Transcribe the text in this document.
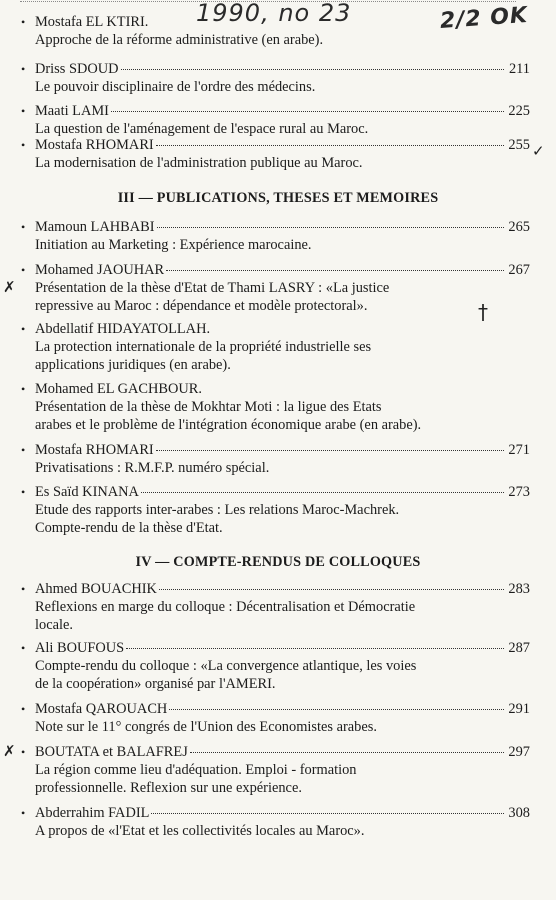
1990, no 23	2/2 OK
• Mostafa EL KTIRI.
Approche de la réforme administrative (en arabe).
• Driss SDOUD	211
Le pouvoir disciplinaire de l'ordre des médecins.
• Maati LAMI	225
La question de l'aménagement de l'espace rural au Maroc.
• Mostafa RHOMARI	255
La modernisation de l'administration publique au Maroc.
✓
III — PUBLICATIONS, THESES ET MEMOIRES
• Mamoun LAHBABI	265
Initiation au Marketing : Expérience marocaine.
• Mohamed JAOUHAR	267
Présentation de la thèse d'Etat de Thami LASRY : «La justice
repressive au Maroc : dépendance et modèle protectoral».
✗
†
• Abdellatif HIDAYATOLLAH.
La protection internationale de la propriété industrielle ses
applications juridiques (en arabe).
• Mohamed EL GACHBOUR.
Présentation de la thèse de Mokhtar Moti : la ligue des Etats
arabes et le problème de l'intégration économique arabe (en arabe).
• Mostafa RHOMARI	271
Privatisations : R.M.F.P. numéro spécial.
• Es Saïd KINANA	273
Etude des rapports inter-arabes : Les relations Maroc-Machrek.
Compte-rendu de la thèse d'Etat.
IV — COMPTE-RENDUS DE COLLOQUES
• Ahmed BOUACHIK	283
Reflexions en marge du colloque : Décentralisation et Démocratie
locale.
• Ali BOUFOUS	287
Compte-rendu du colloque : «La convergence atlantique, les voies
de la coopération» organisé par l'AMERI.
• Mostafa QAROUACH	291
Note sur le 11° congrés de l'Union des Economistes arabes.
• BOUTATA et BALAFREJ	297
La région comme lieu d'adéquation. Emploi - formation
professionnelle. Reflexion sur une expérience.
✗
• Abderrahim FADIL	308
A propos de «l'Etat et les collectivités locales au Maroc».
